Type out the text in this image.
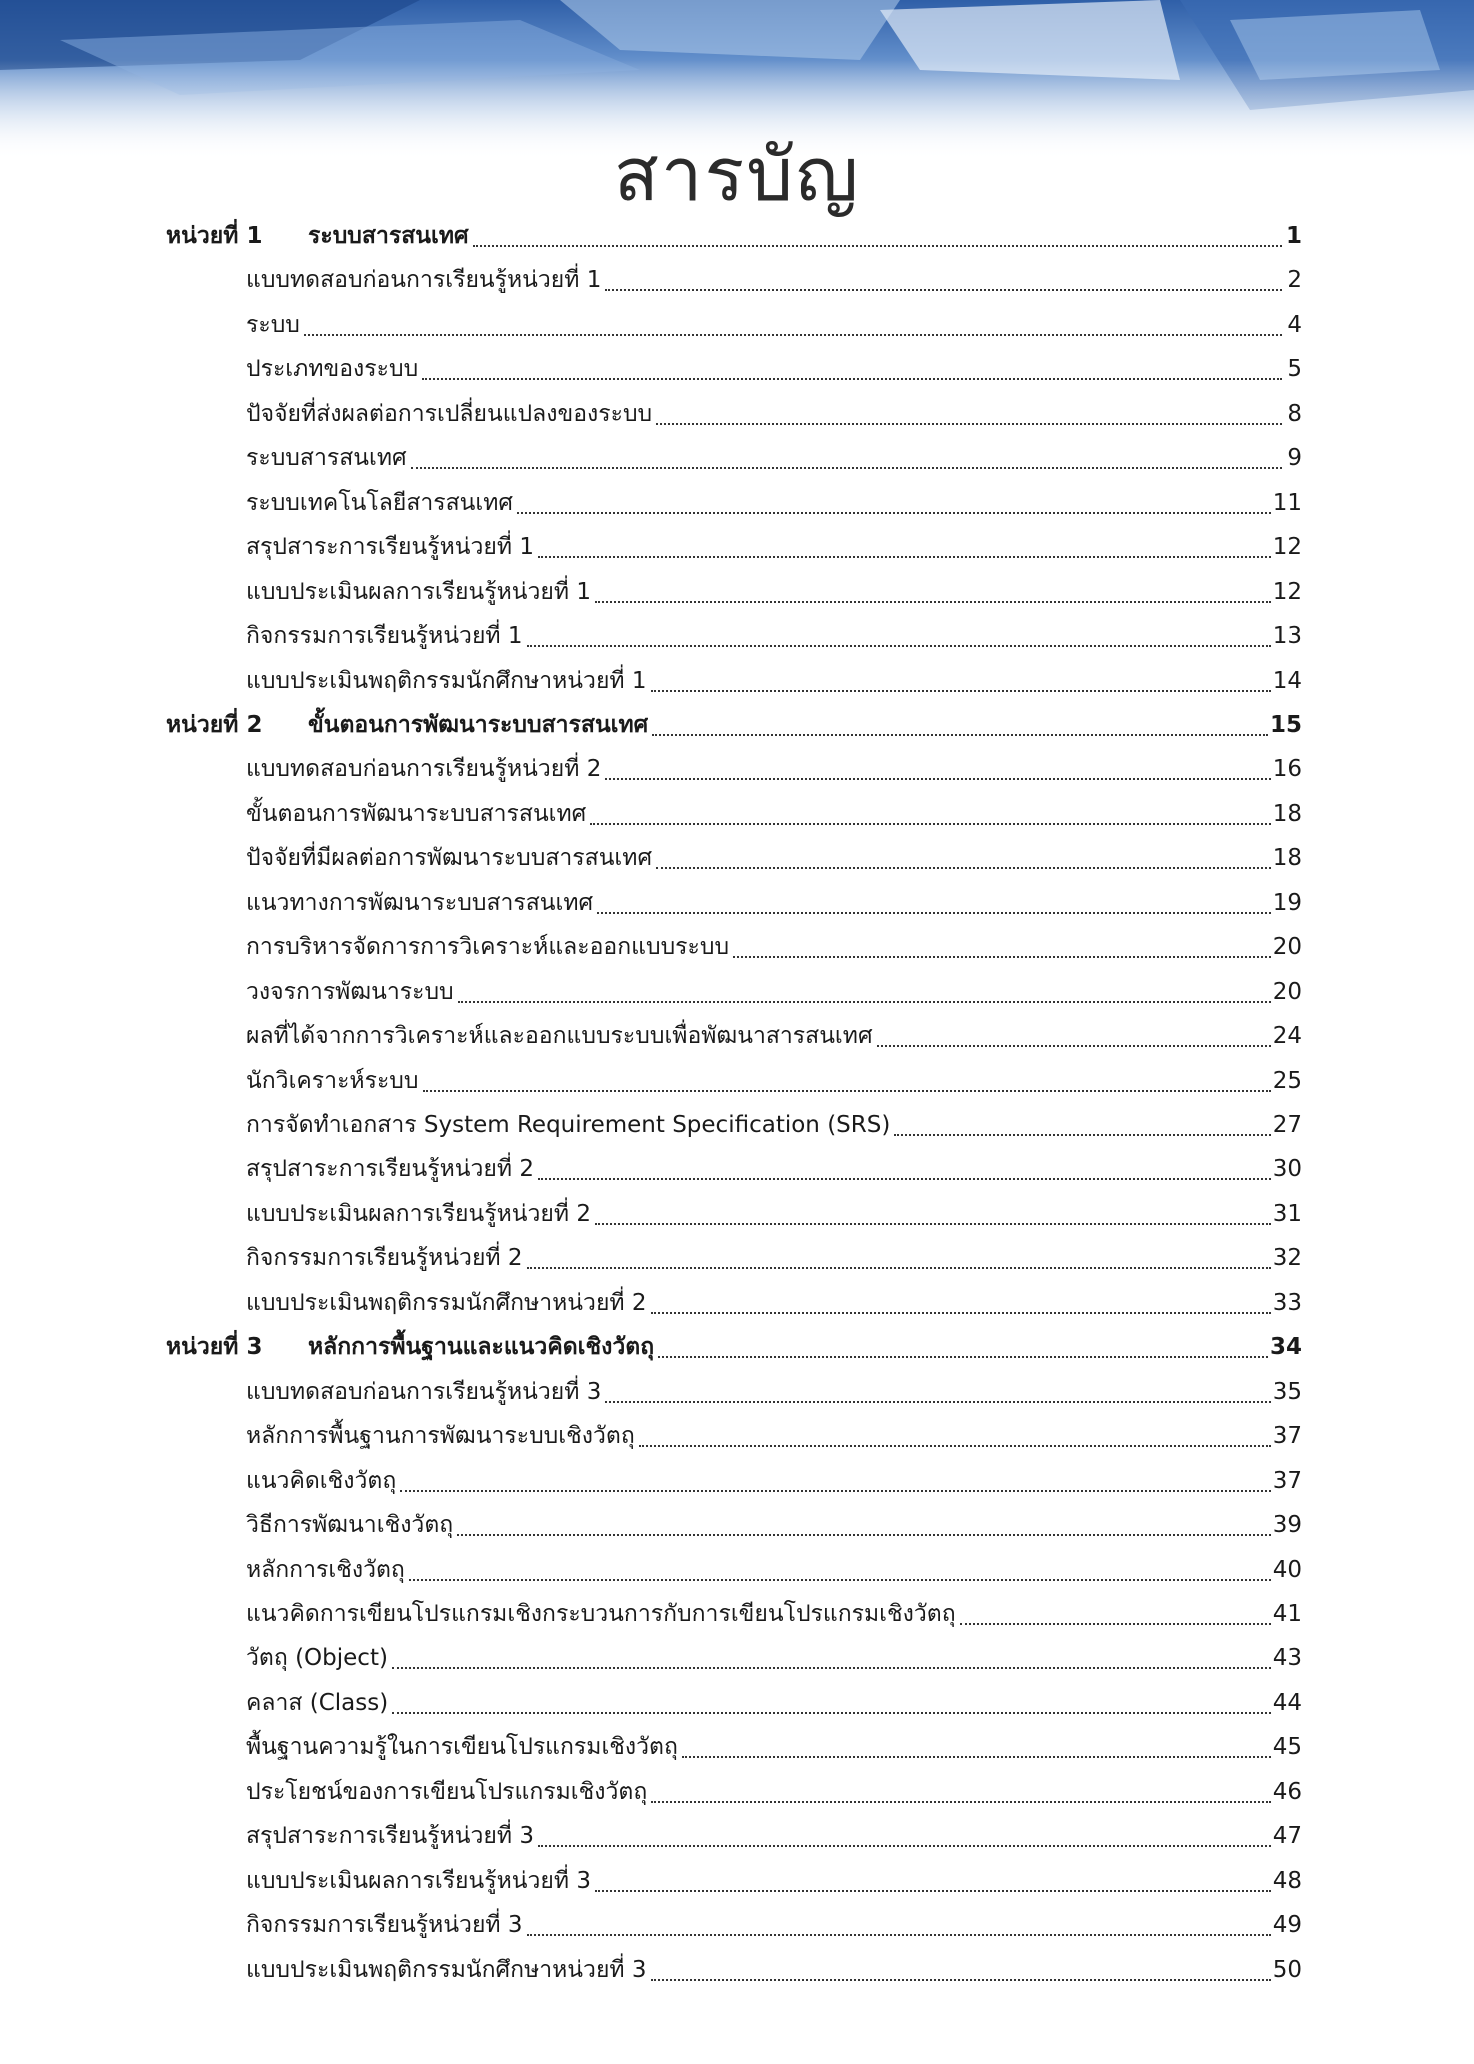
สารบัญ
หน่วยที่ 1	ระบบสารสนเทศ	1
แบบทดสอบก่อนการเรียนรู้หน่วยที่ 1	2
ระบบ	4
ประเภทของระบบ	5
ปัจจัยที่ส่งผลต่อการเปลี่ยนแปลงของระบบ	8
ระบบสารสนเทศ	9
ระบบเทคโนโลยีสารสนเทศ	11
สรุปสาระการเรียนรู้หน่วยที่ 1	12
แบบประเมินผลการเรียนรู้หน่วยที่ 1	12
กิจกรรมการเรียนรู้หน่วยที่ 1	13
แบบประเมินพฤติกรรมนักศึกษาหน่วยที่ 1	14
หน่วยที่ 2	ขั้นตอนการพัฒนาระบบสารสนเทศ	15
แบบทดสอบก่อนการเรียนรู้หน่วยที่ 2	16
ขั้นตอนการพัฒนาระบบสารสนเทศ	18
ปัจจัยที่มีผลต่อการพัฒนาระบบสารสนเทศ	18
แนวทางการพัฒนาระบบสารสนเทศ	19
การบริหารจัดการการวิเคราะห์และออกแบบระบบ	20
วงจรการพัฒนาระบบ	20
ผลที่ได้จากการวิเคราะห์และออกแบบระบบเพื่อพัฒนาสารสนเทศ	24
นักวิเคราะห์ระบบ	25
การจัดทำเอกสาร System Requirement Specification (SRS)	27
สรุปสาระการเรียนรู้หน่วยที่ 2	30
แบบประเมินผลการเรียนรู้หน่วยที่ 2	31
กิจกรรมการเรียนรู้หน่วยที่ 2	32
แบบประเมินพฤติกรรมนักศึกษาหน่วยที่ 2	33
หน่วยที่ 3	หลักการพื้นฐานและแนวคิดเชิงวัตถุ	34
แบบทดสอบก่อนการเรียนรู้หน่วยที่ 3	35
หลักการพื้นฐานการพัฒนาระบบเชิงวัตถุ	37
แนวคิดเชิงวัตถุ	37
วิธีการพัฒนาเชิงวัตถุ	39
หลักการเชิงวัตถุ	40
แนวคิดการเขียนโปรแกรมเชิงกระบวนการกับการเขียนโปรแกรมเชิงวัตถุ	41
วัตถุ (Object)	43
คลาส (Class)	44
พื้นฐานความรู้ในการเขียนโปรแกรมเชิงวัตถุ	45
ประโยชน์ของการเขียนโปรแกรมเชิงวัตถุ	46
สรุปสาระการเรียนรู้หน่วยที่ 3	47
แบบประเมินผลการเรียนรู้หน่วยที่ 3	48
กิจกรรมการเรียนรู้หน่วยที่ 3	49
แบบประเมินพฤติกรรมนักศึกษาหน่วยที่ 3	50
